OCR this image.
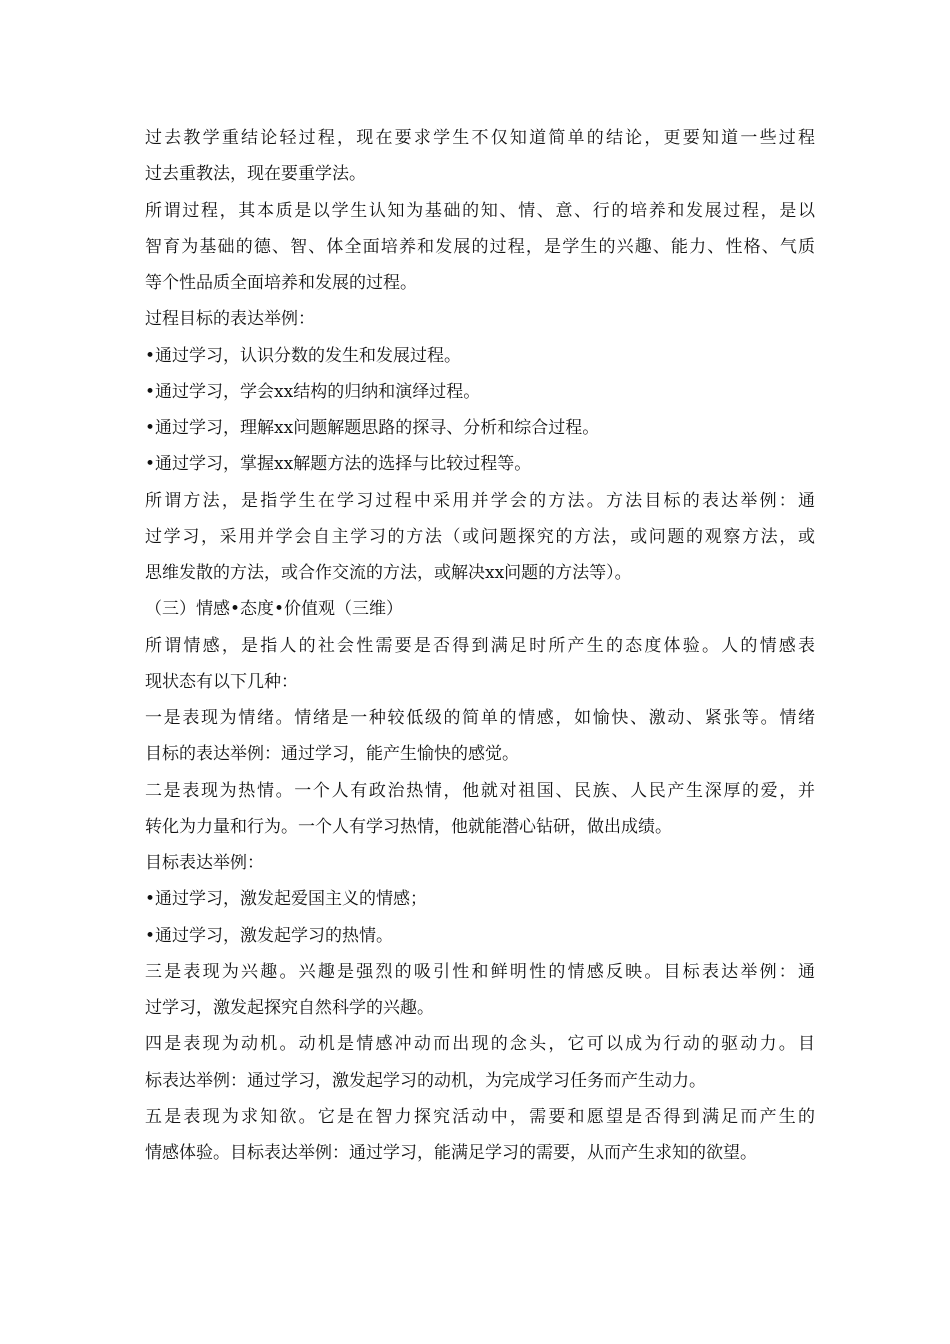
过去教学重结论轻过程，现在要求学生不仅知道简单的结论，更要知道一些过程
过去重教法，现在要重学法。
所谓过程，其本质是以学生认知为基础的知、情、意、行的培养和发展过程，是以
智育为基础的德、智、体全面培养和发展的过程，是学生的兴趣、能力、性格、气质
等个性品质全面培养和发展的过程。
过程目标的表达举例：
•通过学习，认识分数的发生和发展过程。
•通过学习，学会xx结构的归纳和演绎过程。
•通过学习，理解xx问题解题思路的探寻、分析和综合过程。
•通过学习，掌握xx解题方法的选择与比较过程等。
所谓方法，是指学生在学习过程中采用并学会的方法。方法目标的表达举例：通
过学习，采用并学会自主学习的方法（或问题探究的方法，或问题的观察方法，或
思维发散的方法，或合作交流的方法，或解决xx问题的方法等）。
（三）情感•态度•价值观（三维）
所谓情感，是指人的社会性需要是否得到满足时所产生的态度体验。人的情感表
现状态有以下几种：
一是表现为情绪。情绪是一种较低级的简单的情感，如愉快、激动、紧张等。情绪
目标的表达举例：通过学习，能产生愉快的感觉。
二是表现为热情。一个人有政治热情，他就对祖国、民族、人民产生深厚的爱，并
转化为力量和行为。一个人有学习热情，他就能潜心钻研，做出成绩。
目标表达举例：
•通过学习，激发起爱国主义的情感；
•通过学习，激发起学习的热情。
三是表现为兴趣。兴趣是强烈的吸引性和鲜明性的情感反映。目标表达举例：通
过学习，激发起探究自然科学的兴趣。
四是表现为动机。动机是情感冲动而出现的念头，它可以成为行动的驱动力。目
标表达举例：通过学习，激发起学习的动机，为完成学习任务而产生动力。
五是表现为求知欲。它是在智力探究活动中，需要和愿望是否得到满足而产生的
情感体验。目标表达举例：通过学习，能满足学习的需要，从而产生求知的欲望。
